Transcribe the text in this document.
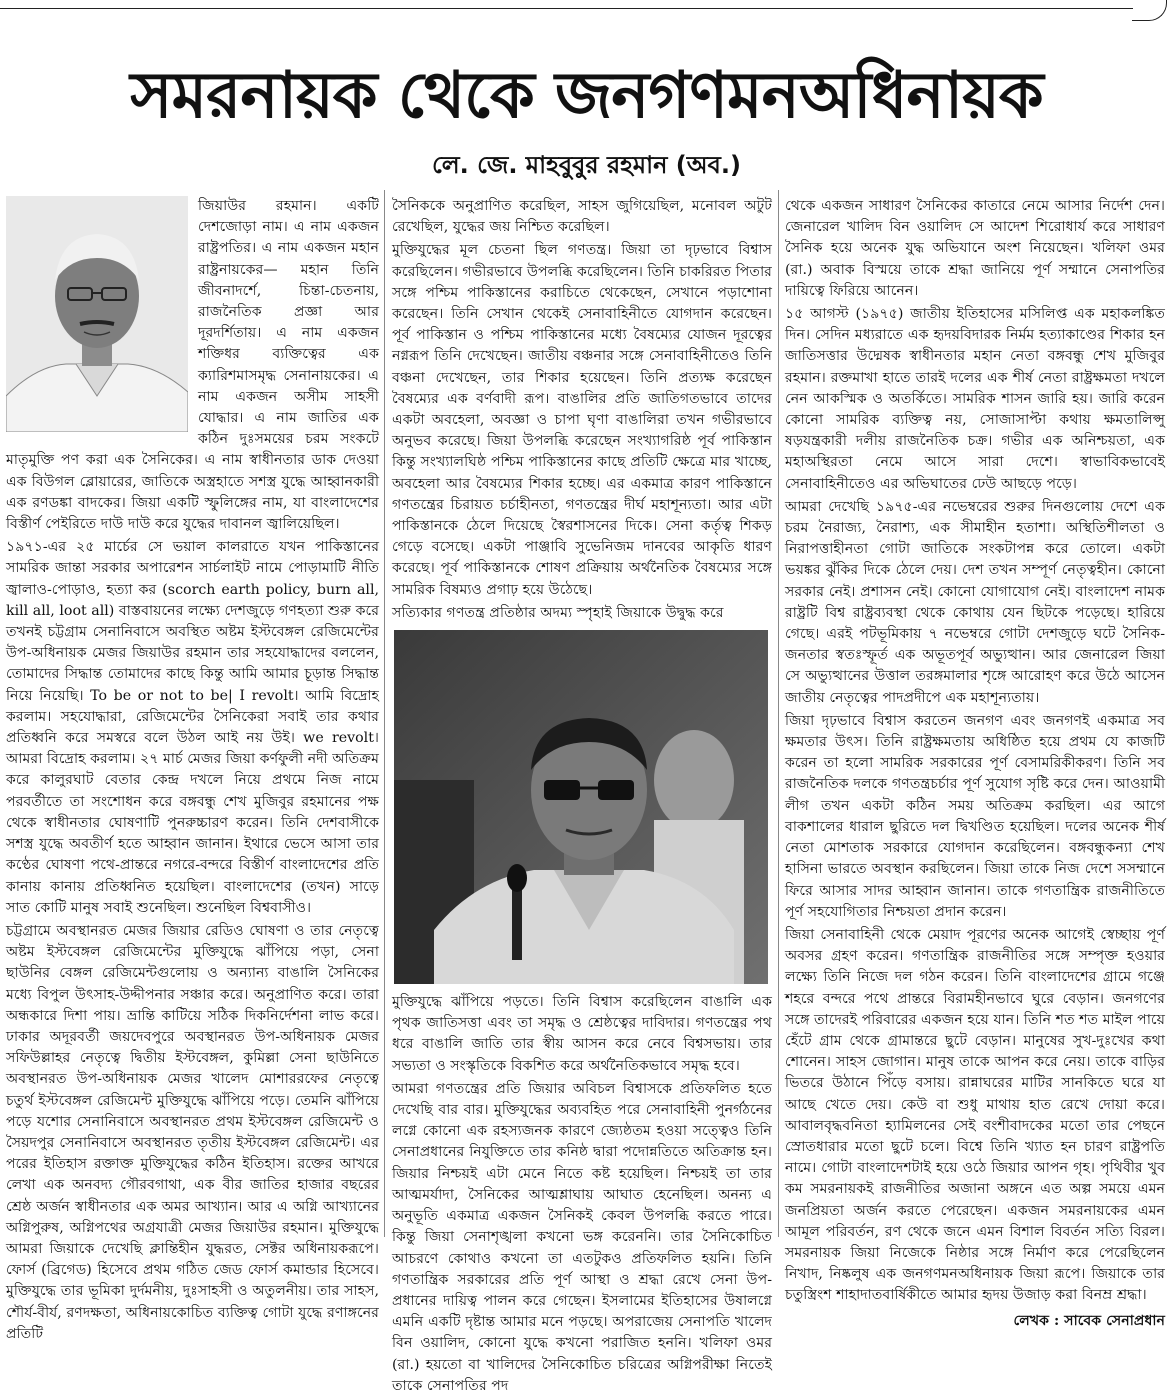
সমরনায়ক থেকে জনগণমনঅধিনায়ক
লে. জে. মাহবুবুর রহমান (অব.)

জিয়াউর রহমান। একটি দেশজোড়া নাম। এ নাম একজন রাষ্ট্রপতির। এ নাম একজন মহান রাষ্ট্রনায়কের— মহান তিনি জীবনাদর্শে, চিন্তা-চেতনায়, রাজনৈতিক প্রজ্ঞা আর দূরদর্শিতায়। এ নাম একজন শক্তিধর ব্যক্তিত্বের এক ক্যারিশমাসমৃদ্ধ সেনানায়কের। এ নাম একজন অসীম সাহসী যোদ্ধার। এ নাম জাতির এক কঠিন দুঃসময়ের চরম সংকটে মাতৃমুক্তি পণ করা এক সৈনিকের। এ নাম স্বাধীনতার ডাক দেওয়া এক বিউগল ব্লোয়ারের, জাতিকে অস্ত্রহাতে সশস্ত্র যুদ্ধে আহ্বানকারী এক রণডঙ্কা বাদকের। জিয়া একটি স্ফুলিঙ্গের নাম, যা বাংলাদেশের বিস্তীর্ণ পেইরিতে দাউ দাউ করে যুদ্ধের দাবানল জ্বালিয়েছিল।

১৯৭১-এর ২৫ মার্চের সে ভয়াল কালরাতে যখন পাকিস্তানের সামরিক জান্তা সরকার অপারেশন সার্চলাইট নামে পোড়ামাটি নীতি জ্বালাও-পোড়াও, হত্যা কর (scorch earth policy, burn all, kill all, loot all) বাস্তবায়নের লক্ষ্যে দেশজুড়ে গণহত্যা শুরু করে তখনই চট্টগ্রাম সেনানিবাসে অবস্থিত অষ্টম ইস্টবেঙ্গল রেজিমেন্টের উপ-অধিনায়ক মেজর জিয়াউর রহমান তার সহযোদ্ধাদের বললেন, তোমাদের সিদ্ধান্ত তোমাদের কাছে কিন্তু আমি আমার চূড়ান্ত সিদ্ধান্ত নিয়ে নিয়েছি। To be or not to be| I revolt। আমি বিদ্রোহ করলাম। সহযোদ্ধারা, রেজিমেন্টের সৈনিকেরা সবাই তার কথার প্রতিধ্বনি করে সমস্বরে বলে উঠল আই নয় উই। we revolt। আমরা বিদ্রোহ করলাম। ২৭ মার্চ মেজর জিয়া কর্ণফুলী নদী অতিক্রম করে কালুরঘাট বেতার কেন্দ্র দখলে নিয়ে প্রথমে নিজ নামে পরবর্তীতে তা সংশোধন করে বঙ্গবন্ধু শেখ মুজিবুর রহমানের পক্ষ থেকে স্বাধীনতার ঘোষণাটি পুনরুচ্চারণ করেন। তিনি দেশবাসীকে সশস্ত্র যুদ্ধে অবতীর্ণ হতে আহ্বান জানান। ইথারে ভেসে আসা তার কণ্ঠের ঘোষণা পথে-প্রান্তরে নগরে-বন্দরে বিস্তীর্ণ বাংলাদেশের প্রতি কানায় কানায় প্রতিধ্বনিত হয়েছিল। বাংলাদেশের (তখন) সাড়ে সাত কোটি মানুষ সবাই শুনেছিল। শুনেছিল বিশ্ববাসীও।

চট্টগ্রামে অবস্থানরত মেজর জিয়ার রেডিও ঘোষণা ও তার নেতৃত্বে অষ্টম ইস্টবেঙ্গল রেজিমেন্টের মুক্তিযুদ্ধে ঝাঁপিয়ে পড়া, সেনা ছাউনির বেঙ্গল রেজিমেন্টগুলোয় ও অন্যান্য বাঙালি সৈনিকের মধ্যে বিপুল উৎসাহ-উদ্দীপনার সঞ্চার করে। অনুপ্রাণিত করে। তারা অন্ধকারে দিশা পায়। ভ্রান্তি কাটিয়ে সঠিক দিকনির্দেশনা লাভ করে। ঢাকার অদূরবর্তী জয়দেবপুরে অবস্থানরত উপ-অধিনায়ক মেজর সফিউল্লাহর নেতৃত্বে দ্বিতীয় ইস্টবেঙ্গল, কুমিল্লা সেনা ছাউনিতে অবস্থানরত উপ-অধিনায়ক মেজর খালেদ মোশাররফের নেতৃত্বে চতুর্থ ইস্টবেঙ্গল রেজিমেন্ট মুক্তিযুদ্ধে ঝাঁপিয়ে পড়ে। তেমনি ঝাঁপিয়ে পড়ে যশোর সেনানিবাসে অবস্থানরত প্রথম ইস্টবেঙ্গল রেজিমেন্ট ও সৈয়দপুর সেনানিবাসে অবস্থানরত তৃতীয় ইস্টবেঙ্গল রেজিমেন্ট। এর পরের ইতিহাস রক্তাক্ত মুক্তিযুদ্ধের কঠিন ইতিহাস। রক্তের আখরে লেখা এক অনবদ্য গৌরবগাথা, এক বীর জাতির হাজার বছরের শ্রেষ্ঠ অর্জন স্বাধীনতার এক অমর আখ্যান। আর এ অগ্নি আখ্যানের অগ্নিপুরুষ, অগ্নিপথের অগ্রযাত্রী মেজর জিয়াউর রহমান। মুক্তিযুদ্ধে আমরা জিয়াকে দেখেছি ক্লান্তিহীন যুদ্ধরত, সেক্টর অধিনায়করূপে। ফোর্স (ব্রিগেড) হিসেবে প্রথম গঠিত জেড ফোর্স কমান্ডার হিসেবে। মুক্তিযুদ্ধে তার ভূমিকা দুর্দমনীয়, দুঃসাহসী ও অতুলনীয়। তার সাহস, শৌর্য-বীর্য, রণদক্ষতা, অধিনায়কোচিত ব্যক্তিত্ব গোটা যুদ্ধে রণাঙ্গনের প্রতিটি

সৈনিককে অনুপ্রাণিত করেছিল, সাহস জুগিয়েছিল, মনোবল অটুট রেখেছিল, যুদ্ধের জয় নিশ্চিত করেছিল।

মুক্তিযুদ্ধের মূল চেতনা ছিল গণতন্ত্র। জিয়া তা দৃঢ়ভাবে বিশ্বাস করেছিলেন। গভীরভাবে উপলব্ধি করেছিলেন। তিনি চাকরিরত পিতার সঙ্গে পশ্চিম পাকিস্তানের করাচিতে থেকেছেন, সেখানে পড়াশোনা করেছেন। তিনি সেখান থেকেই সেনাবাহিনীতে যোগদান করেছেন। পূর্ব পাকিস্তান ও পশ্চিম পাকিস্তানের মধ্যে বৈষম্যের যোজন দূরত্বের নগ্নরূপ তিনি দেখেছেন। জাতীয় বঞ্চনার সঙ্গে সেনাবাহিনীতেও তিনি বঞ্চনা দেখেছেন, তার শিকার হয়েছেন। তিনি প্রত্যক্ষ করেছেন বৈষম্যের এক বর্ণবাদী রূপ। বাঙালির প্রতি জাতিগতভাবে তাদের একটা অবহেলা, অবজ্ঞা ও চাপা ঘৃণা বাঙালিরা তখন গভীরভাবে অনুভব করেছে। জিয়া উপলব্ধি করেছেন সংখ্যাগরিষ্ঠ পূর্ব পাকিস্তান কিন্তু সংখ্যালঘিষ্ঠ পশ্চিম পাকিস্তানের কাছে প্রতিটি ক্ষেত্রে মার খাচ্ছে, অবহেলা আর বৈষম্যের শিকার হচ্ছে। এর একমাত্র কারণ পাকিস্তানে গণতন্ত্রের চিরায়ত চর্চাহীনতা, গণতন্ত্রের দীর্ঘ মহাশূন্যতা। আর এটা পাকিস্তানকে ঠেলে দিয়েছে স্বৈরশাসনের দিকে। সেনা কর্তৃত্ব শিকড় গেড়ে বসেছে। একটা পাঞ্জাবি সুভেনিজম দানবের আকৃতি ধারণ করেছে। পূর্ব পাকিস্তানকে শোষণ প্রক্রিয়ায় অর্থনৈতিক বৈষম্যের সঙ্গে সামরিক বিষম্যও প্রগাঢ় হয়ে উঠেছে।

সত্যিকার গণতন্ত্র প্রতিষ্ঠার অদম্য স্পৃহাই জিয়াকে উদ্বুদ্ধ করে

মুক্তিযুদ্ধে ঝাঁপিয়ে পড়তে। তিনি বিশ্বাস করেছিলেন বাঙালি এক পৃথক জাতিসত্তা এবং তা সমৃদ্ধ ও শ্রেষ্ঠত্বের দাবিদার। গণতন্ত্রের পথ ধরে বাঙালি জাতি তার স্বীয় আসন করে নেবে বিশ্বসভায়। তার সভ্যতা ও সংস্কৃতিকে বিকশিত করে অর্থনৈতিকভাবে সমৃদ্ধ হবে।

আমরা গণতন্ত্রের প্রতি জিয়ার অবিচল বিশ্বাসকে প্রতিফলিত হতে দেখেছি বার বার। মুক্তিযুদ্ধের অব্যবহিত পরে সেনাবাহিনী পুনর্গঠনের লগ্নে কোনো এক রহস্যজনক কারণে জ্যেষ্ঠতম হওয়া সত্ত্বেও তিনি সেনাপ্রধানের নিযুক্তিতে তার কনিষ্ঠ দ্বারা পদোন্নতিতে অতিক্রান্ত হন। জিয়ার নিশ্চয়ই এটা মেনে নিতে কষ্ট হয়েছিল। নিশ্চয়ই তা তার আত্মমর্যাদা, সৈনিকের আত্মশ্লাঘায় আঘাত হেনেছিল। অনন্য এ অনুভূতি একমাত্র একজন সৈনিকই কেবল উপলব্ধি করতে পারে। কিন্তু জিয়া সেনাশৃঙ্খলা কখনো ভঙ্গ করেননি। তার সৈনিকোচিত আচরণে কোথাও কখনো তা এতটুকও প্রতিফলিত হয়নি। তিনি গণতান্ত্রিক সরকারের প্রতি পূর্ণ আস্থা ও শ্রদ্ধা রেখে সেনা উপ-প্রধানের দায়িত্ব পালন করে গেছেন। ইসলামের ইতিহাসের উষালগ্নে এমনি একটি দৃষ্টান্ত আমার মনে পড়ছে। অপরাজেয় সেনাপতি খালেদ বিন ওয়ালিদ, কোনো যুদ্ধে কখনো পরাজিত হননি। খলিফা ওমর (রা.) হয়তো বা খালিদের সৈনিকোচিত চরিত্রের অগ্নিপরীক্ষা নিতেই তাকে সেনাপতির পদ

থেকে একজন সাধারণ সৈনিকের কাতারে নেমে আসার নির্দেশ দেন। জেনারেল খালিদ বিন ওয়ালিদ সে আদেশ শিরোধার্য করে সাধারণ সৈনিক হয়ে অনেক যুদ্ধ অভিযানে অংশ নিয়েছেন। খলিফা ওমর (রা.) অবাক বিস্ময়ে তাকে শ্রদ্ধা জানিয়ে পূর্ণ সম্মানে সেনাপতির দায়িত্বে ফিরিয়ে আনেন।

১৫ আগস্ট (১৯৭৫) জাতীয় ইতিহাসের মসিলিপ্ত এক মহাকলঙ্কিত দিন। সেদিন মধ্যরাতে এক হৃদয়বিদারক নির্মম হত্যাকাণ্ডের শিকার হন জাতিসত্তার উদ্মেষক স্বাধীনতার মহান নেতা বঙ্গবন্ধু শেখ মুজিবুর রহমান। রক্তমাখা হাতে তারই দলের এক শীর্ষ নেতা রাষ্ট্রক্ষমতা দখলে নেন আকস্মিক ও অতর্কিতে। সামরিক শাসন জারি হয়। জারি করেন কোনো সামরিক ব্যক্তিত্ব নয়, সোজাসাপ্টা কথায় ক্ষমতালিপ্সু ষড়যন্ত্রকারী দলীয় রাজনৈতিক চক্র। গভীর এক অনিশ্চয়তা, এক মহাঅস্থিরতা নেমে আসে সারা দেশে। স্বাভাবিকভাবেই সেনাবাহিনীতেও এর অভিঘাতের ঢেউ আছড়ে পড়ে।

আমরা দেখেছি ১৯৭৫-এর নভেম্বরের শুরুর দিনগুলোয় দেশে এক চরম নৈরাজ্য, নৈরাশ্য, এক সীমাহীন হতাশা। অস্থিতিশীলতা ও নিরাপত্তাহীনতা গোটা জাতিকে সংকটাপন্ন করে তোলে। একটা ভয়ঙ্কর ঝুঁকির দিকে ঠেলে দেয়। দেশ তখন সম্পূর্ণ নেতৃত্বহীন। কোনো সরকার নেই। প্রশাসন নেই। কোনো যোগাযোগ নেই। বাংলাদেশ নামক রাষ্ট্রটি বিশ্ব রাষ্ট্রব্যবস্থা থেকে কোথায় যেন ছিটকে পড়েছে। হারিয়ে গেছে। এরই পটভূমিকায় ৭ নভেম্বরে গোটা দেশজুড়ে ঘটে সৈনিক-জনতার স্বতঃস্ফূর্ত এক অভূতপূর্ব অভ্যুত্থান। আর জেনারেল জিয়া সে অভ্যুত্থানের উত্তাল তরঙ্গমালার শৃঙ্গে আরোহণ করে উঠে আসেন জাতীয় নেতৃত্বের পাদপ্রদীপে এক মহাশূন্যতায়।

জিয়া দৃঢ়ভাবে বিশ্বাস করতেন জনগণ এবং জনগণই একমাত্র সব ক্ষমতার উৎস। তিনি রাষ্ট্রক্ষমতায় অধিষ্ঠিত হয়ে প্রথম যে কাজটি করেন তা হলো সামরিক সরকারের পূর্ণ বেসামরিকীকরণ। তিনি সব রাজনৈতিক দলকে গণতন্ত্রচর্চার পূর্ণ সুযোগ সৃষ্টি করে দেন। আওয়ামী লীগ তখন একটা কঠিন সময় অতিক্রম করছিল। এর আগে বাকশালের ধারাল ছুরিতে দল দ্বিখণ্ডিত হয়েছিল। দলের অনেক শীর্ষ নেতা মোশতাক সরকারে যোগদান করেছিলেন। বঙ্গবন্ধুকন্যা শেখ হাসিনা ভারতে অবস্থান করছিলেন। জিয়া তাকে নিজ দেশে সসম্মানে ফিরে আসার সাদর আহ্বান জানান। তাকে গণতান্ত্রিক রাজনীতিতে পূর্ণ সহযোগিতার নিশ্চয়তা প্রদান করেন।

জিয়া সেনাবাহিনী থেকে মেয়াদ পূরণের অনেক আগেই স্বেচ্ছায় পূর্ণ অবসর গ্রহণ করেন। গণতান্ত্রিক রাজনীতির সঙ্গে সম্পৃক্ত হওয়ার লক্ষ্যে তিনি নিজে দল গঠন করেন। তিনি বাংলাদেশের গ্রামে গঞ্জে শহরে বন্দরে পথে প্রান্তরে বিরামহীনভাবে ঘুরে বেড়ান। জনগণের সঙ্গে তাদেরই পরিবারের একজন হয়ে যান। তিনি শত শত মাইল পায়ে হেঁটে গ্রাম থেকে গ্রামান্তরে ছুটে বেড়ান। মানুষের সুখ-দুঃখের কথা শোনেন। সাহস জোগান। মানুষ তাকে আপন করে নেয়। তাকে বাড়ির ভিতরে উঠানে পিঁড়ে বসায়। রান্নাঘরের মাটির সানকিতে ঘরে যা আছে খেতে দেয়। কেউ বা শুধু মাথায় হাত রেখে দোয়া করে। আবালবৃদ্ধবনিতা হ্যামিলনের সেই বংশীবাদকের মতো তার পেছনে স্রোতধারার মতো ছুটে চলে। বিশ্বে তিনি খ্যাত হন চারণ রাষ্ট্রপতি নামে। গোটা বাংলাদেশটাই হয়ে ওঠে জিয়ার আপন গৃহ। পৃথিবীর খুব কম সমরনায়কই রাজনীতির অজানা অঙ্গনে এত অল্প সময়ে এমন জনপ্রিয়তা অর্জন করতে পেরেছেন। একজন সমরনায়কের এমন আমূল পরিবর্তন, রণ থেকে জনে এমন বিশাল বিবর্তন সত্যি বিরল। সমরনায়ক জিয়া নিজেকে নিষ্ঠার সঙ্গে নির্মাণ করে পেরেছিলেন নিখাদ, নিষ্কলুষ এক জনগণমনঅধিনায়ক জিয়া রূপে। জিয়াকে তার চতুস্ত্রিংশ শাহাদাতবার্ষিকীতে আমার হৃদয় উজাড় করা বিনম্র শ্রদ্ধা।

লেখক : সাবেক সেনাপ্রধান
